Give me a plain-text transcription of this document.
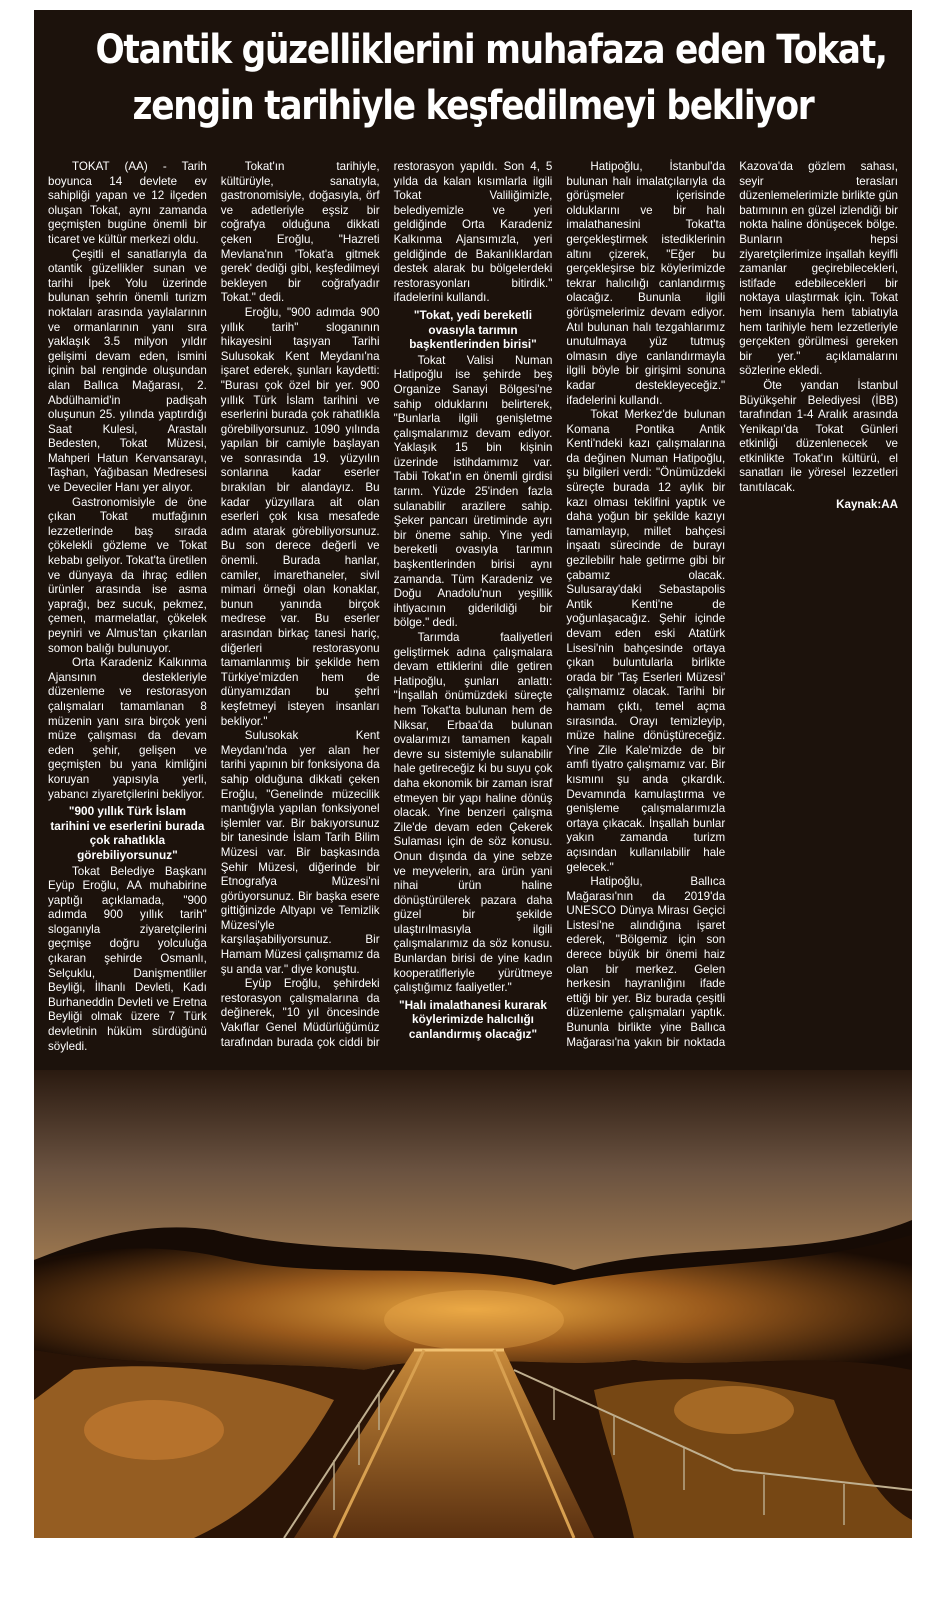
Otantik güzelliklerini muhafaza eden Tokat,
zengin tarihiyle keşfedilmeyi bekliyor

TOKAT (AA) - Tarih boyunca 14 devlete ev sahipliği yapan ve 12 ilçeden oluşan Tokat, aynı zamanda geçmişten bugüne önemli bir ticaret ve kültür merkezi oldu.

Çeşitli el sanatlarıyla da otantik güzellikler sunan ve tarihi İpek Yolu üzerinde bulunan şehrin önemli turizm noktaları arasında yaylalarının ve ormanlarının yanı sıra yaklaşık 3.5 milyon yıldır gelişimi devam eden, ismini içinin bal renginde oluşundan alan Ballıca Mağarası, 2. Abdülhamid'in padişah oluşunun 25. yılında yaptırdığı Saat Kulesi, Arastalı Bedesten, Tokat Müzesi, Mahperi Hatun Kervansarayı, Taşhan, Yağıbasan Medresesi ve Deveciler Hanı yer alıyor.

Gastronomisiyle de öne çıkan Tokat mutfağının lezzetlerinde baş sırada çökelekli gözleme ve Tokat kebabı geliyor. Tokat'ta üretilen ve dünyaya da ihraç edilen ürünler arasında ise asma yaprağı, bez sucuk, pekmez, çemen, marmelatlar, çökelek peyniri ve Almus'tan çıkarılan somon balığı bulunuyor.

Orta Karadeniz Kalkınma Ajansının destekleriyle düzenleme ve restorasyon çalışmaları tamamlanan 8 müzenin yanı sıra birçok yeni müze çalışması da devam eden şehir, gelişen ve geçmişten bu yana kimliğini koruyan yapısıyla yerli, yabancı ziyaretçilerini bekliyor.

"900 yıllık Türk İslam tarihini ve eserlerini burada çok rahatlıkla görebiliyorsunuz"

Tokat Belediye Başkanı Eyüp Eroğlu, AA muhabirine yaptığı açıklamada, "900 adımda 900 yıllık tarih" sloganıyla ziyaretçilerini geçmişe doğru yolculuğa çıkaran şehirde Osmanlı, Selçuklu, Danişmentliler Beyliği, İlhanlı Devleti, Kadı Burhaneddin Devleti ve Eretna Beyliği olmak üzere 7 Türk devletinin hüküm sürdüğünü söyledi.

Tokat'ın tarihiyle, kültürüyle, sanatıyla, gastronomisiyle, doğasıyla, örf ve adetleriyle eşsiz bir coğrafya olduğuna dikkati çeken Eroğlu, "Hazreti Mevlana'nın 'Tokat'a gitmek gerek' dediği gibi, keşfedilmeyi bekleyen bir coğrafyadır Tokat." dedi.

Eroğlu, "900 adımda 900 yıllık tarih" sloganının hikayesini taşıyan Tarihi Sulusokak Kent Meydanı'na işaret ederek, şunları kaydetti: "Burası çok özel bir yer. 900 yıllık Türk İslam tarihini ve eserlerini burada çok rahatlıkla görebiliyorsunuz. 1090 yılında yapılan bir camiyle başlayan ve sonrasında 19. yüzyılın sonlarına kadar eserler bırakılan bir alandayız. Bu kadar yüzyıllara ait olan eserleri çok kısa mesafede adım atarak görebiliyorsunuz. Bu son derece değerli ve önemli. Burada hanlar, camiler, imarethaneler, sivil mimari örneği olan konaklar, bunun yanında birçok medrese var. Bu eserler arasından birkaç tanesi hariç, diğerleri restorasyonu tamamlanmış bir şekilde hem Türkiye'mizden hem de dünyamızdan bu şehri keşfetmeyi isteyen insanları bekliyor."

Sulusokak Kent Meydanı'nda yer alan her tarihi yapının bir fonksiyona da sahip olduğuna dikkati çeken Eroğlu, "Genelinde müzecilik mantığıyla yapılan fonksiyonel işlemler var. Bir bakıyorsunuz bir tanesinde İslam Tarih Bilim Müzesi var. Bir başkasında Şehir Müzesi, diğerinde bir Etnografya Müzesi'ni görüyorsunuz. Bir başka esere gittiğinizde Altyapı ve Temizlik Müzesi'yle karşılaşabiliyorsunuz. Bir Hamam Müzesi çalışmamız da şu anda var." diye konuştu.

Eyüp Eroğlu, şehirdeki restorasyon çalışmalarına da değinerek, "10 yıl öncesinde Vakıflar Genel Müdürlüğümüz tarafından burada çok ciddi bir restorasyon yapıldı. Son 4, 5 yılda da kalan kısımlarla ilgili Tokat Valiliğimizle, belediyemizle ve yeri geldiğinde Orta Karadeniz Kalkınma Ajansımızla, yeri geldiğinde de Bakanlıklardan destek alarak bu bölgelerdeki restorasyonları bitirdik." ifadelerini kullandı.

"Tokat, yedi bereketli ovasıyla tarımın başkentlerinden birisi"

Tokat Valisi Numan Hatipoğlu ise şehirde beş Organize Sanayi Bölgesi'ne sahip olduklarını belirterek, "Bunlarla ilgili genişletme çalışmalarımız devam ediyor. Yaklaşık 15 bin kişinin üzerinde istihdamımız var. Tabii Tokat'ın en önemli girdisi tarım. Yüzde 25'inden fazla sulanabilir arazilere sahip. Şeker pancarı üretiminde ayrı bir öneme sahip. Yine yedi bereketli ovasıyla tarımın başkentlerinden birisi aynı zamanda. Tüm Karadeniz ve Doğu Anadolu'nun yeşillik ihtiyacının giderildiği bir bölge." dedi.

Tarımda faaliyetleri geliştirmek adına çalışmalara devam ettiklerini dile getiren Hatipoğlu, şunları anlattı: "İnşallah önümüzdeki süreçte hem Tokat'ta bulunan hem de Niksar, Erbaa'da bulunan ovalarımızı tamamen kapalı devre su sistemiyle sulanabilir hale getireceğiz ki bu suyu çok daha ekonomik bir zaman israf etmeyen bir yapı haline dönüş olacak. Yine benzeri çalışma Zile'de devam eden Çekerek Sulaması için de söz konusu. Onun dışında da yine sebze ve meyvelerin, ara ürün yani nihai ürün haline dönüştürülerek pazara daha güzel bir şekilde ulaştırılmasıyla ilgili çalışmalarımız da söz konusu. Bunlardan birisi de yine kadın kooperatifleriyle yürütmeye çalıştığımız faaliyetler."

"Halı imalathanesi kurarak köylerimizde halıcılığı canlandırmış olacağız"

Hatipoğlu, İstanbul'da bulunan halı imalatçılarıyla da görüşmeler içerisinde olduklarını ve bir halı imalathanesini Tokat'ta gerçekleştirmek istediklerinin altını çizerek, "Eğer bu gerçekleşirse biz köylerimizde tekrar halıcılığı canlandırmış olacağız. Bununla ilgili görüşmelerimiz devam ediyor. Atıl bulunan halı tezgahlarımız unutulmaya yüz tutmuş olmasın diye canlandırmayla ilgili böyle bir girişimi sonuna kadar destekleyeceğiz." ifadelerini kullandı.

Tokat Merkez'de bulunan Komana Pontika Antik Kenti'ndeki kazı çalışmalarına da değinen Numan Hatipoğlu, şu bilgileri verdi: "Önümüzdeki süreçte burada 12 aylık bir kazı olması teklifini yaptık ve daha yoğun bir şekilde kazıyı tamamlayıp, millet bahçesi inşaatı sürecinde de burayı gezilebilir hale getirme gibi bir çabamız olacak. Sulusaray'daki Sebastapolis Antik Kenti'ne de yoğunlaşacağız. Şehir içinde devam eden eski Atatürk Lisesi'nin bahçesinde ortaya çıkan buluntularla birlikte orada bir 'Taş Eserleri Müzesi' çalışmamız olacak. Tarihi bir hamam çıktı, temel açma sırasında. Orayı temizleyip, müze haline dönüştüreceğiz. Yine Zile Kale'mizde de bir amfi tiyatro çalışmamız var. Bir kısmını şu anda çıkardık. Devamında kamulaştırma ve genişleme çalışmalarımızla ortaya çıkacak. İnşallah bunlar yakın zamanda turizm açısından kullanılabilir hale gelecek."

Hatipoğlu, Ballıca Mağarası'nın da 2019'da UNESCO Dünya Mirası Geçici Listesi'ne alındığına işaret ederek, "Bölgemiz için son derece büyük bir önemi haiz olan bir merkez. Gelen herkesin hayranlığını ifade ettiği bir yer. Biz burada çeşitli düzenleme çalışmaları yaptık. Bununla birlikte yine Ballıca Mağarası'na yakın bir noktada Kazova'da gözlem sahası, seyir terasları düzenlemelerimizle birlikte gün batımının en güzel izlendiği bir nokta haline dönüşecek bölge. Bunların hepsi ziyaretçilerimize inşallah keyifli zamanlar geçirebilecekleri, istifade edebilecekleri bir noktaya ulaştırmak için. Tokat hem insanıyla hem tabiatıyla hem tarihiyle hem lezzetleriyle gerçekten görülmesi gereken bir yer." açıklamalarını sözlerine ekledi.

Öte yandan İstanbul Büyükşehir Belediyesi (İBB) tarafından 1-4 Aralık arasında Yenikapı'da Tokat Günleri etkinliği düzenlenecek ve etkinlikte Tokat'ın kültürü, el sanatları ile yöresel lezzetleri tanıtılacak.

Kaynak:AA
